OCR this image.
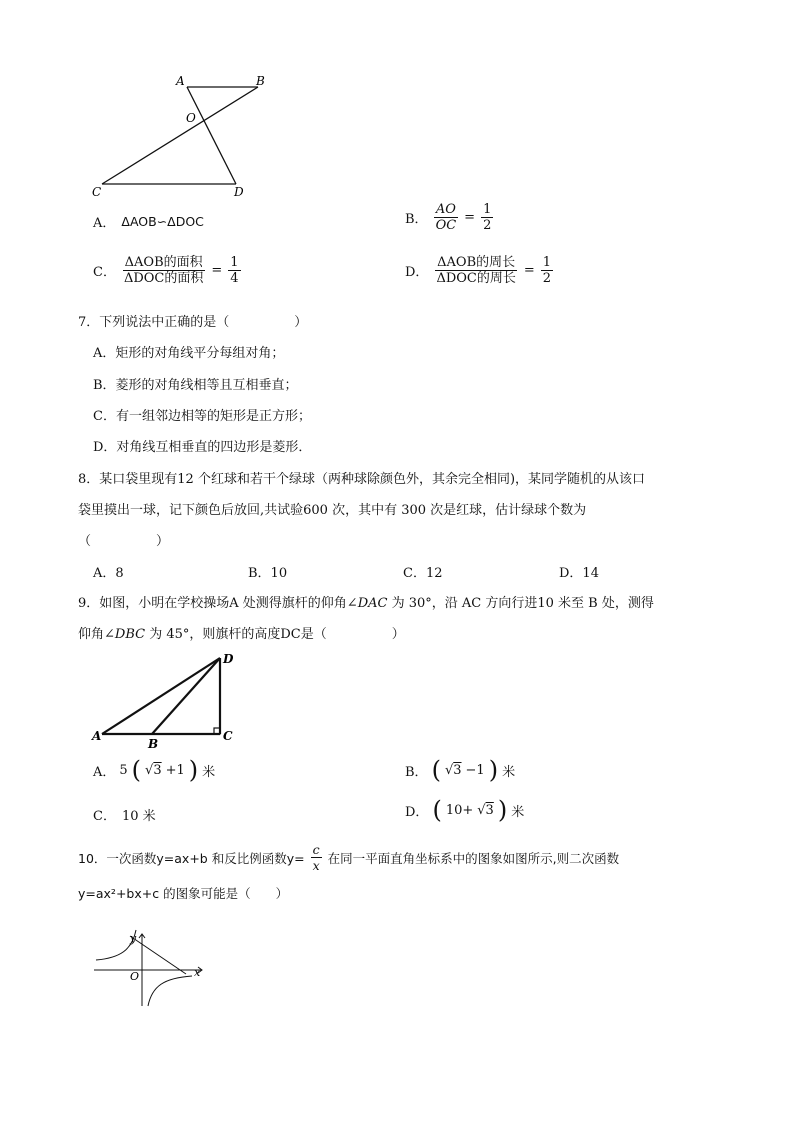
A	B
O
C	D
A． ΔAOB∽ΔDOC	B． $\frac{AO}{OC} = \frac{1}{2}$
C． $\frac{\text{ΔAOB的面积}}{\text{ΔDOC的面积}} = \frac{1}{4}$	D． $\frac{\text{ΔAOB的周长}}{\text{ΔDOC的周长}} = \frac{1}{2}$
7．下列说法中正确的是（　　　　　）
A．矩形的对角线平分每组对角；
B．菱形的对角线相等且互相垂直；
C．有一组邻边相等的矩形是正方形；
D．对角线互相垂直的四边形是菱形．
8．某口袋里现有12 个红球和若干个绿球（两种球除颜色外，其余完全相同)，某同学随机的从该口
袋里摸出一球，记下颜色后放回,共试验600 次，其中有 300 次是红球，估计绿球个数为
（　　　　　）
A．8	B．10	C．12	D．14
9．如图，小明在学校操场A 处测得旗杆的仰角∠DAC 为 30°，沿 AC 方向行进10 米至 B 处，测得
仰角∠DBC 为 45°，则旗杆的高度DC是（　　　　　）
A
B
C
D
A． 5 ( √3 +1 ) 米	B． ( √3 −1 ) 米
C． 10 米	D． ( 10+ √3 ) 米
10．一次函数y=ax+b 和反比例函数$y= \frac{c}{x}$ 在同一平面直角坐标系中的图象如图所示,则二次函数
y=ax²+bx+c 的图象可能是（　　）
y
x
O
